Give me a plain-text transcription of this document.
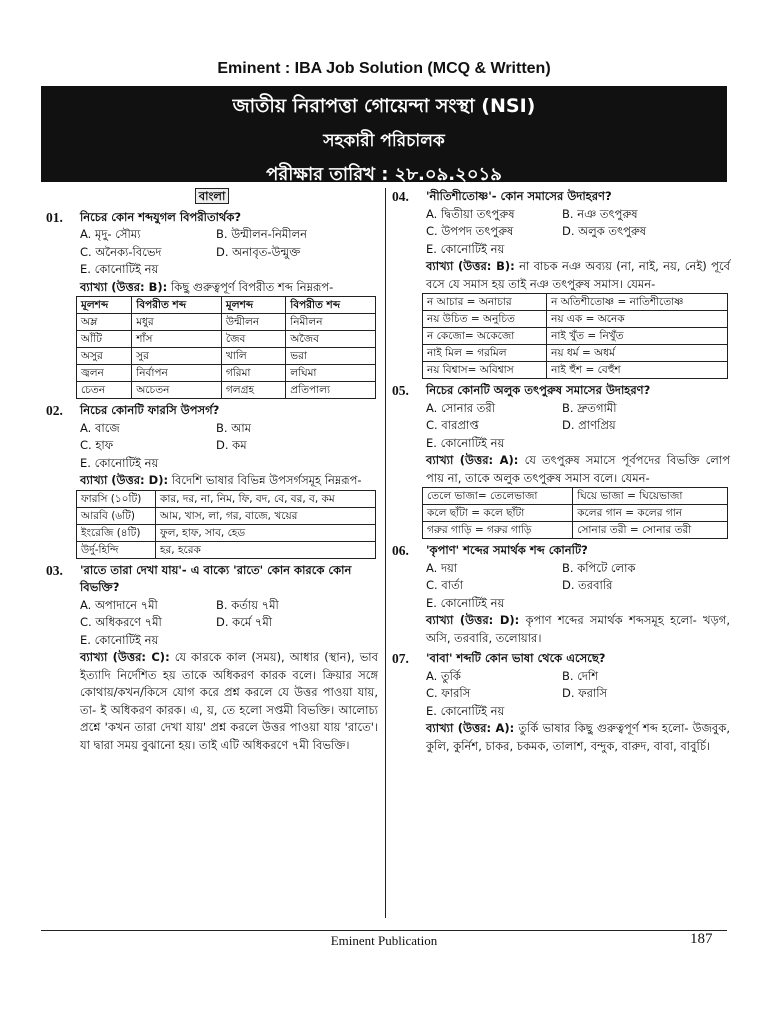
Eminent : IBA Job Solution (MCQ & Written)
জাতীয় নিরাপত্তা গোয়েন্দা সংস্থা (NSI)
সহকারী পরিচালক
পরীক্ষার তারিখ : ২৮.০৯.২০১৯
বাংলা
01.	নিচের কোন শব্দযুগল বিপরীতার্থক?
A. মৃদু- সৌম্য	B. উন্মীলন-নিমীলন
C. অনৈক্য-বিভেদ	D. অনাবৃত-উন্মুক্ত
E. কোনোটিই নয়
ব্যাখ্যা (উত্তর: B): কিছু গুরুত্বপূর্ণ বিপরীত শব্দ নিম্নরূপ-
মূলশব্দ	বিপরীত শব্দ	মূলশব্দ	বিপরীত শব্দ
অম্ল	মধুর	উন্মীলন	নিমীলন
আঁটি	শাঁস	জৈব	অজৈব
অসুর	সুর	খালি	ভরা
জ্বলন	নির্বাপন	গরিমা	লঘিমা
চেতন	অচেতন	গলগ্রহ	প্রতিপাল্য
02.	নিচের কোনটি ফারসি উপসর্গ?
A. বাজে	B. আম
C. হাফ	D. কম
E. কোনোটিই নয়
ব্যাখ্যা (উত্তর: D): বিদেশি ভাষার বিভিন্ন উপসর্গসমূহ নিম্নরূপ-
ফারসি (১০টি)	কার, দর, না, নিম, ফি, বদ, বে, বর, ব, কম
আরবি (৬টি)	আম, খাস, লা, গর, বাজে, খয়ের
ইংরেজি (৪টি)	ফুল, হাফ, সাব, হেড
উর্দু-হিন্দি	হর, হরেক
03.	'রাতে তারা দেখা যায়'- এ বাক্যে 'রাতে' কোন কারকে কোন বিভক্তি?
A. অপাদানে ৭মী	B. কর্তায় ৭মী
C. অধিকরণে ৭মী	D. কর্মে ৭মী
E. কোনোটিই নয়
ব্যাখ্যা (উত্তর: C): যে কারকে কাল (সময়), আধার (স্থান), ভাব ইত্যাদি নির্দেশিত হয় তাকে অধিকরণ কারক বলে। ক্রিয়ার সঙ্গে কোথায়/কখন/কিসে যোগ করে প্রশ্ন করলে যে উত্তর পাওয়া যায়, তা- ই অধিকরণ কারক। এ, য়, তে হলো সপ্তমী বিভক্তি। আলোচ্য প্রশ্নে 'কখন তারা দেখা যায়' প্রশ্ন করলে উত্তর পাওয়া যায় 'রাতে'। যা দ্বারা সময় বুঝানো হয়। তাই এটি অধিকরণে ৭মী বিভক্তি।
04.	'নীতিশীতোষ্ণ'- কোন সমাসের উদাহরণ?
A. দ্বিতীয়া তৎপুরুষ	B. নঞ তৎপুরুষ
C. উপপদ তৎপুরুষ	D. অলুক তৎপুরুষ
E. কোনোটিই নয়
ব্যাখ্যা (উত্তর: B): না বাচক নঞ অব্যয় (না, নাই, নয়, নেই) পূর্বে বসে যে সমাস হয় তাই নঞ তৎপুরুষ সমাস। যেমন-
ন আচার = অনাচার	ন অতিশীতোষ্ণ = নাতিশীতোষ্ণ
নয় উচিত = অনুচিত	নয় এক = অনেক
ন কেজো= অকেজো	নাই খুঁত = নিখুঁত
নাই মিল = গরমিল	নয় ধর্ম = অধর্ম
নয় বিশ্বাস= অবিশ্বাস	নাই হুঁশ = বেহুঁশ
05.	নিচের কোনটি অলুক তৎপুরুষ সমাসের উদাহরণ?
A. সোনার তরী	B. দ্রুতগামী
C. বারপ্রাপ্ত	D. প্রাণপ্রিয়
E. কোনোটিই নয়
ব্যাখ্যা (উত্তর: A): যে তৎপুরুষ সমাসে পূর্বপদের বিভক্তি লোপ পায় না, তাকে অলুক তৎপুরুষ সমাস বলে। যেমন-
তেলে ভাজা= তেলেভাজা	ঘিয়ে ভাজা = ঘিয়েভাজা
কলে ছাঁটা = কলে ছাঁটা	কলের গান = কলের গান
গরুর গাড়ি = গরুর গাড়ি	সোনার তরী = সোনার তরী
06.	'কৃপাণ' শব্দের সমার্থক শব্দ কোনটি?
A. দয়া	B. কপিটে লোক
C. বার্তা	D. তরবারি
E. কোনোটিই নয়
ব্যাখ্যা (উত্তর: D): কৃপাণ শব্দের সমার্থক শব্দসমূহ হলো- খড়গ, অসি, তরবারি, তলোয়ার।
07.	'বাবা' শব্দটি কোন ভাষা থেকে এসেছে?
A. তুর্কি	B. দেশি
C. ফারসি	D. ফরাসি
E. কোনোটিই নয়
ব্যাখ্যা (উত্তর: A): তুর্কি ভাষার কিছু গুরুত্বপূর্ণ শব্দ হলো- উজবুক, কুলি, কুর্নিশ, চাকর, চকমক, তালাশ, বন্দুক, বারুদ, বাবা, বাবুর্চি।
Eminent Publication	187
